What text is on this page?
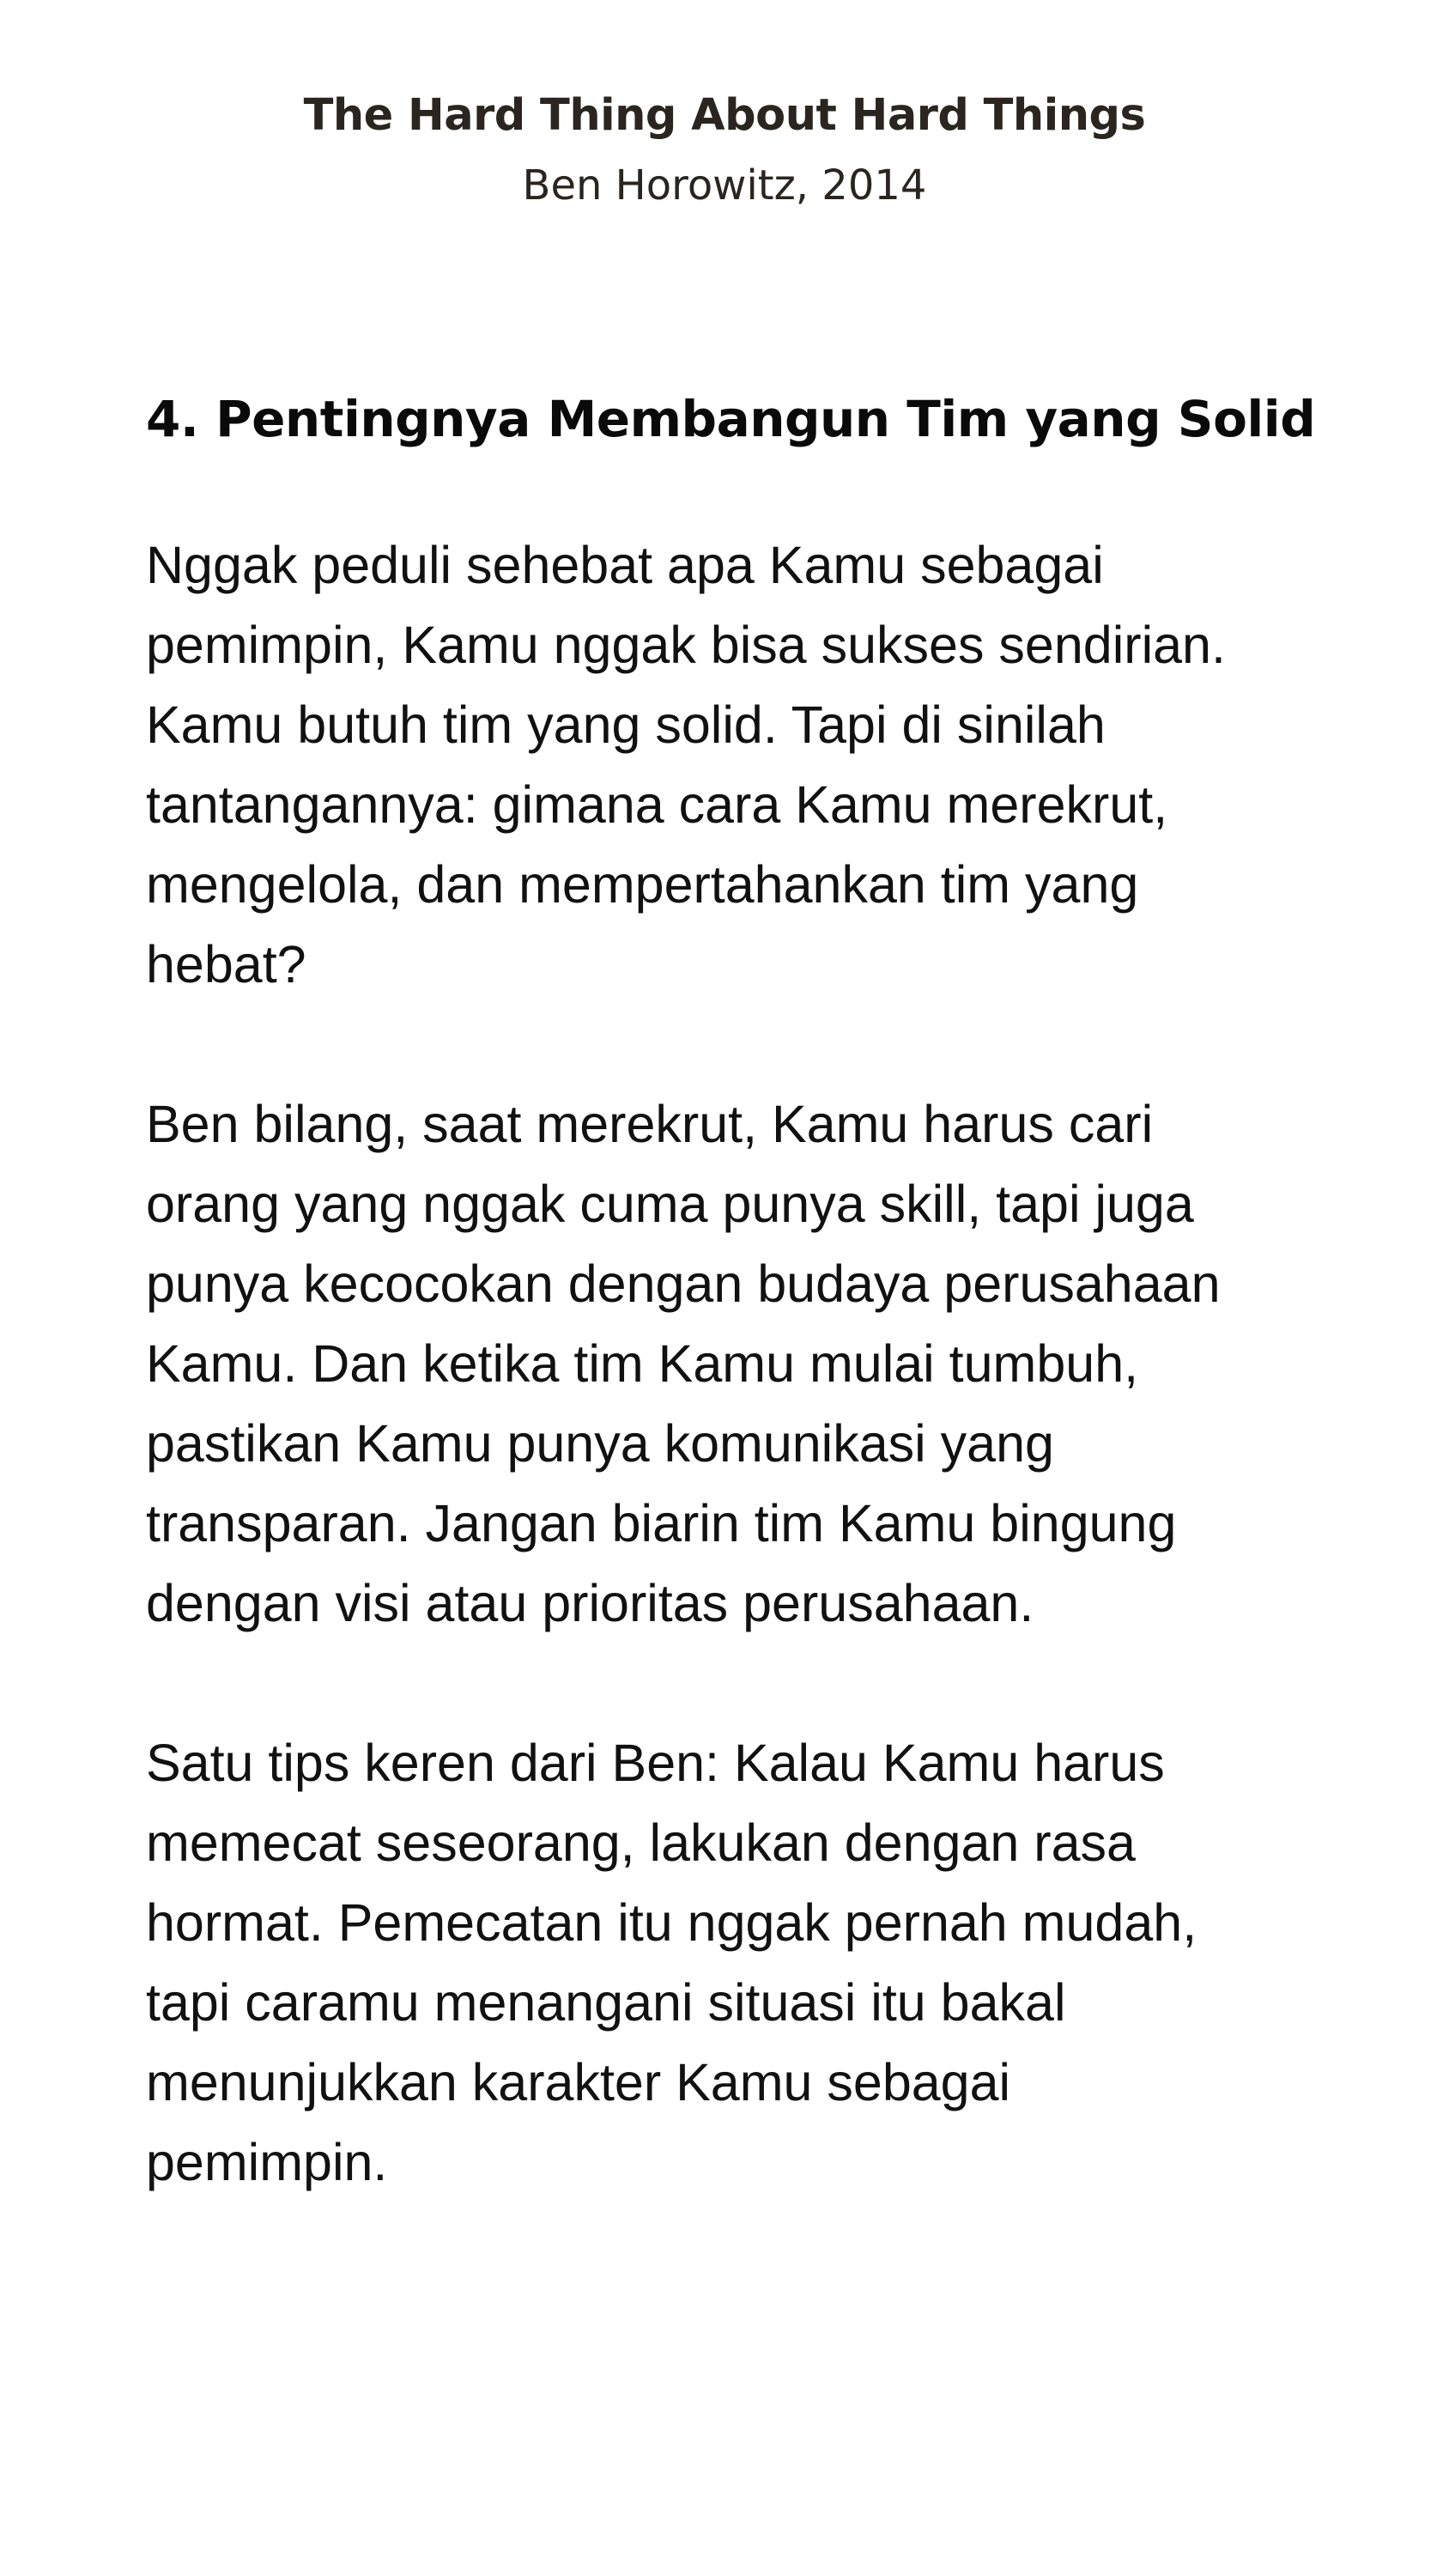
The Hard Thing About Hard Things

Ben Horowitz, 2014

4. Pentingnya Membangun Tim yang Solid

Nggak peduli sehebat apa Kamu sebagai
pemimpin, Kamu nggak bisa sukses sendirian.
Kamu butuh tim yang solid. Tapi di sinilah
tantangannya: gimana cara Kamu merekrut,
mengelola, dan mempertahankan tim yang
hebat?

Ben bilang, saat merekrut, Kamu harus cari
orang yang nggak cuma punya skill, tapi juga
punya kecocokan dengan budaya perusahaan
Kamu. Dan ketika tim Kamu mulai tumbuh,
pastikan Kamu punya komunikasi yang
transparan. Jangan biarin tim Kamu bingung
dengan visi atau prioritas perusahaan.

Satu tips keren dari Ben: Kalau Kamu harus
memecat seseorang, lakukan dengan rasa
hormat. Pemecatan itu nggak pernah mudah,
tapi caramu menangani situasi itu bakal
menunjukkan karakter Kamu sebagai
pemimpin.
